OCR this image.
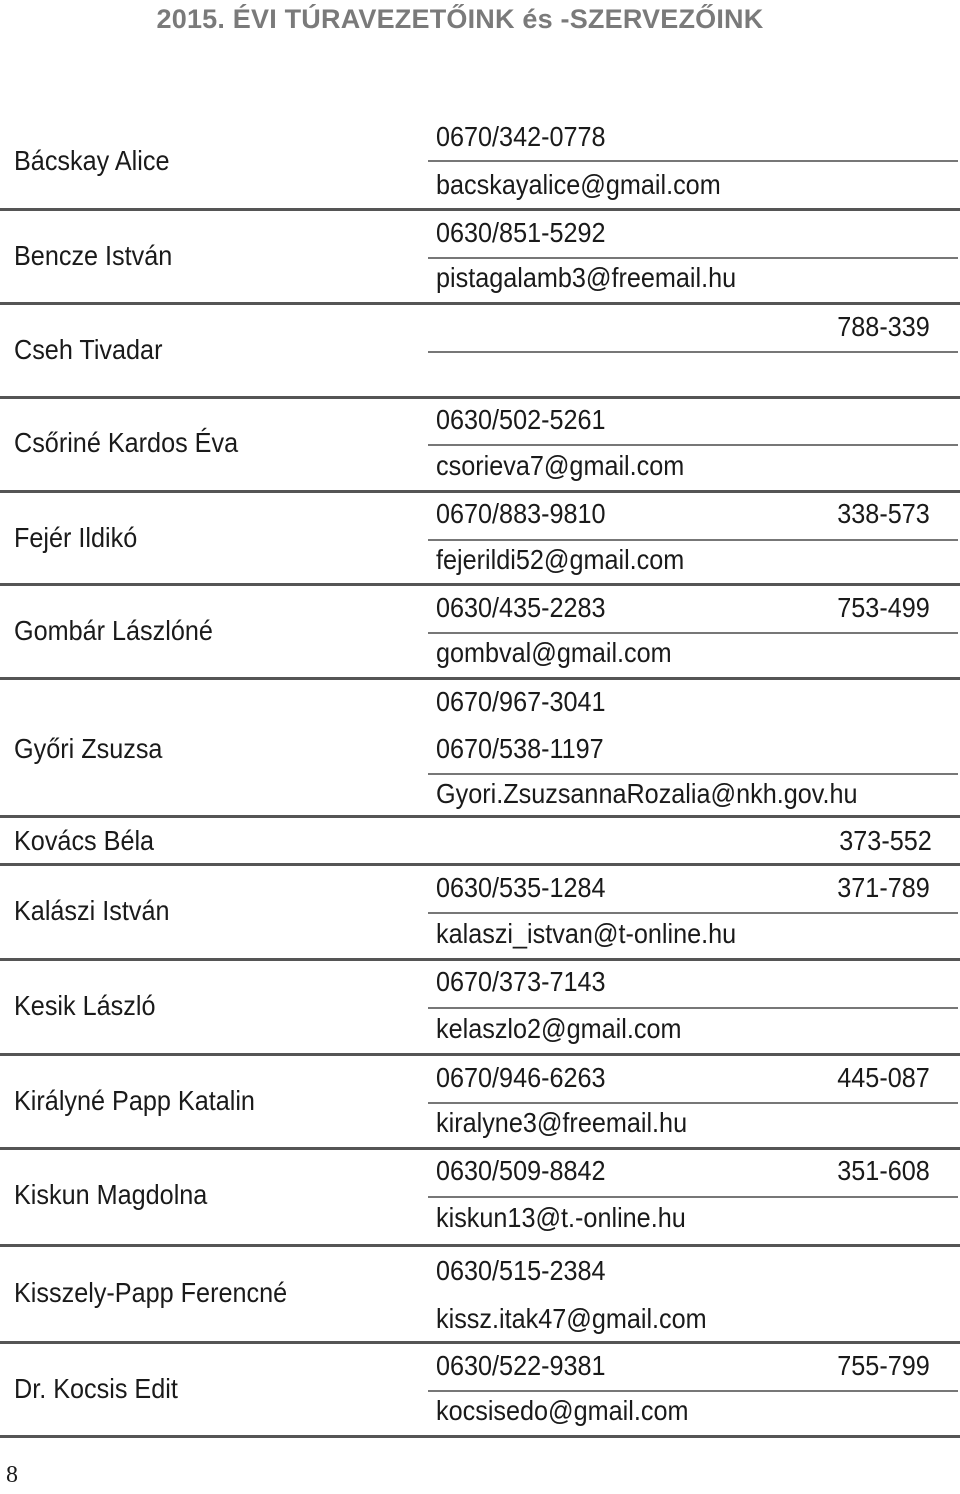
2015. ÉVI TÚRAVEZETŐINK és -SZERVEZŐINK
Bácskay Alice
0670/342-0778
bacskayalice@gmail.com
Bencze István
0630/851-5292
pistagalamb3@freemail.hu
Cseh Tivadar
788-339
Csőriné Kardos Éva
0630/502-5261
csorieva7@gmail.com
Fejér Ildikó
0670/883-9810	338-573
fejerildi52@gmail.com
Gombár Lászlóné
0630/435-2283	753-499
gombval@gmail.com
Győri Zsuzsa
0670/967-3041
0670/538-1197
Gyori.ZsuzsannaRozalia@nkh.gov.hu
Kovács Béla	373-552
Kalászi István
0630/535-1284	371-789
kalaszi_istvan@t-online.hu
Kesik László
0670/373-7143
kelaszlo2@gmail.com
Királyné Papp Katalin
0670/946-6263	445-087
kiralyne3@freemail.hu
Kiskun Magdolna
0630/509-8842	351-608
kiskun13@t.-online.hu
Kisszely-Papp Ferencné
0630/515-2384
kissz.itak47@gmail.com
Dr. Kocsis Edit
0630/522-9381	755-799
kocsisedo@gmail.com
8
